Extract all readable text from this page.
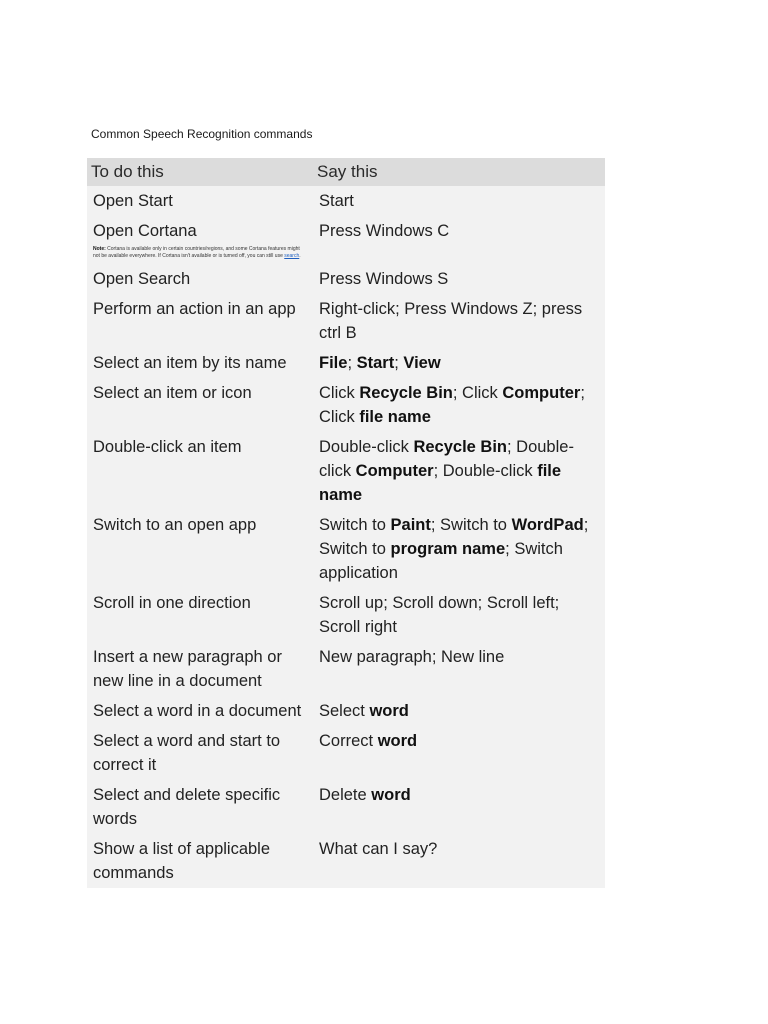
Common Speech Recognition commands
To do this	Say this
Open Start	Start
Open Cortana	Press Windows C
Note: Cortana is available only in certain countries/regions, and some Cortana features might not be available everywhere. If Cortana isn't available or is turned off, you can still use search.	
Open Search	Press Windows S
Perform an action in an app	Right-click; Press Windows Z; press ctrl B
Select an item by its name	File; Start; View
Select an item or icon	Click Recycle Bin; Click Computer; Click file name
Double-click an item	Double-click Recycle Bin; Double-click Computer; Double-click file name
Switch to an open app	Switch to Paint; Switch to WordPad; Switch to program name; Switch application
Scroll in one direction	Scroll up; Scroll down; Scroll left; Scroll right
Insert a new paragraph or new line in a document	New paragraph; New line
Select a word in a document	Select word
Select a word and start to correct it	Correct word
Select and delete specific words	Delete word
Show a list of applicable commands	What can I say?
